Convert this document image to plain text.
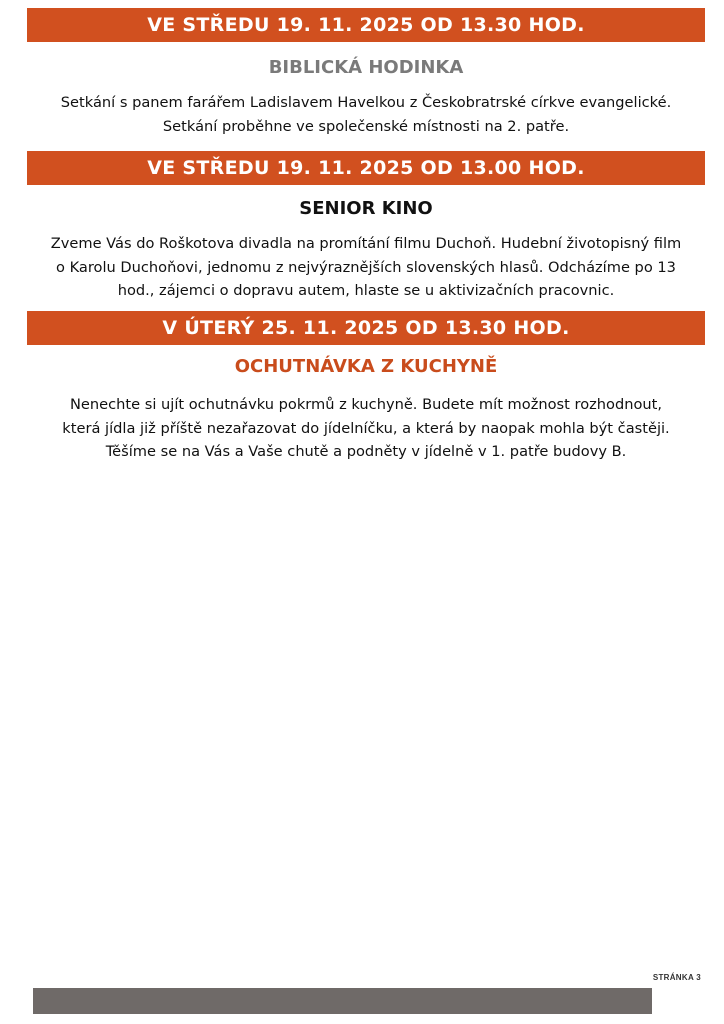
VE STŘEDU 19. 11. 2025 OD 13.30 HOD.
BIBLICKÁ HODINKA
Setkání s panem farářem Ladislavem Havelkou z Českobratrské církve evangelické.
Setkání proběhne ve společenské místnosti na 2. patře.
VE STŘEDU 19. 11. 2025 OD 13.00 HOD.
SENIOR KINO
Zveme Vás do Roškotova divadla na promítání filmu Duchoň. Hudební životopisný film
o Karolu Duchoňovi, jednomu z nejvýraznějších slovenských hlasů. Odcházíme po 13
hod., zájemci o dopravu autem, hlaste se u aktivizačních pracovnic.
V ÚTERÝ 25. 11. 2025 OD 13.30 HOD.
OCHUTNÁVKA Z KUCHYNĚ
Nenechte si ujít ochutnávku pokrmů z kuchyně. Budete mít možnost rozhodnout,
která jídla již příště nezařazovat do jídelníčku, a která by naopak mohla být častěji.
Těšíme se na Vás a Vaše chutě a podněty v jídelně v 1. patře budovy B.
STRÁNKA 3
